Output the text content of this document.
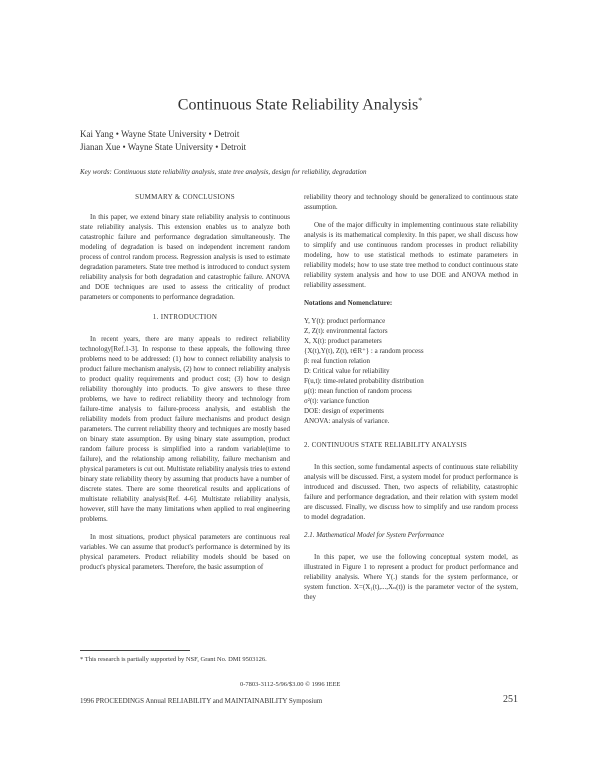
Continuous State Reliability Analysis*
Kai Yang • Wayne State University • Detroit
Jianan Xue • Wayne State University • Detroit
Key words: Continuous state reliability analysis, state tree analysis, design for reliability, degradation
SUMMARY & CONCLUSIONS

In this paper, we extend binary state reliability analysis to continuous state reliability analysis. This extension enables us to analyze both catastrophic failure and performance degradation simultaneously. The modeling of degradation is based on independent increment random process of control random process. Regression analysis is used to estimate degradation parameters. State tree method is introduced to conduct system reliability analysis for both degradation and catastrophic failure. ANOVA and DOE techniques are used to assess the criticality of product parameters or components to performance degradation.

1. INTRODUCTION

In recent years, there are many appeals to redirect reliability technology[Ref.1-3]. In response to these appeals, the following three problems need to be addressed: (1) how to connect reliability analysis to product failure mechanism analysis, (2) how to connect reliability analysis to product quality requirements and product cost; (3) how to design reliability thoroughly into products. To give answers to these three problems, we have to redirect reliability theory and technology from failure-time analysis to failure-process analysis, and establish the reliability models from product failure mechanisms and product design parameters. The current reliability theory and techniques are mostly based on binary state assumption. By using binary state assumption, product random failure process is simplified into a random variable(time to failure), and the relationship among reliability, failure mechanism and physical parameters is cut out. Multistate reliability analysis tries to extend binary state reliability theory by assuming that products have a number of discrete states. There are some theoretical results and applications of multistate reliability analysis[Ref. 4-6]. Multistate reliability analysis, however, still have the many limitations when applied to real engineering problems.

In most situations, product physical parameters are continuous real variables. We can assume that product's performance is determined by its physical parameters. Product reliability models should be based on product's physical parameters. Therefore, the basic assumption of

reliability theory and technology should be generalized to continuous state assumption.

One of the major difficulty in implementing continuous state reliability analysis is its mathematical complexity. In this paper, we shall discuss how to simplify and use continuous random processes in product reliability modeling, how to use statistical methods to estimate parameters in reliability models; how to use state tree method to conduct continuous state reliability system analysis and how to use DOE and ANOVA method in reliability assessment.

Notations and Nomenclature:
Y, Y(t): product performance
Z, Z(t): environmental factors
X, X(t): product parameters
{X(t),Y(t), Z(t), t∈R⁺} : a random process
β: real function relation
D: Critical value for reliability
F(u,t): time-related probability distribution
μ(t): mean function of random process
σ²(t): variance function
DOE: design of experiments
ANOVA: analysis of variance.
2. CONTINUOUS STATE RELIABILITY ANALYSIS

In this section, some fundamental aspects of continuous state reliability analysis will be discussed. First, a system model for product performance is introduced and discussed. Then, two aspects of reliability, catastrophic failure and performance degradation, and their relation with system model are discussed. Finally, we discuss how to simplify and use random process to model degradation.

2.1. Mathematical Model for System Performance

In this paper, we use the following conceptual system model, as illustrated in Figure 1 to represent a product for product performance and reliability analysis. Where Y(.) stands for the system performance, or system function. X=(X₁(t),...,Xₙ(t)) is the parameter vector of the system, they

* This research is partially supported by NSF, Grant No. DMI 9503126.
0-7803-3112-5/96/$3.00 © 1996 IEEE
1996 PROCEEDINGS Annual RELIABILITY and MAINTAINABILITY Symposium	251
